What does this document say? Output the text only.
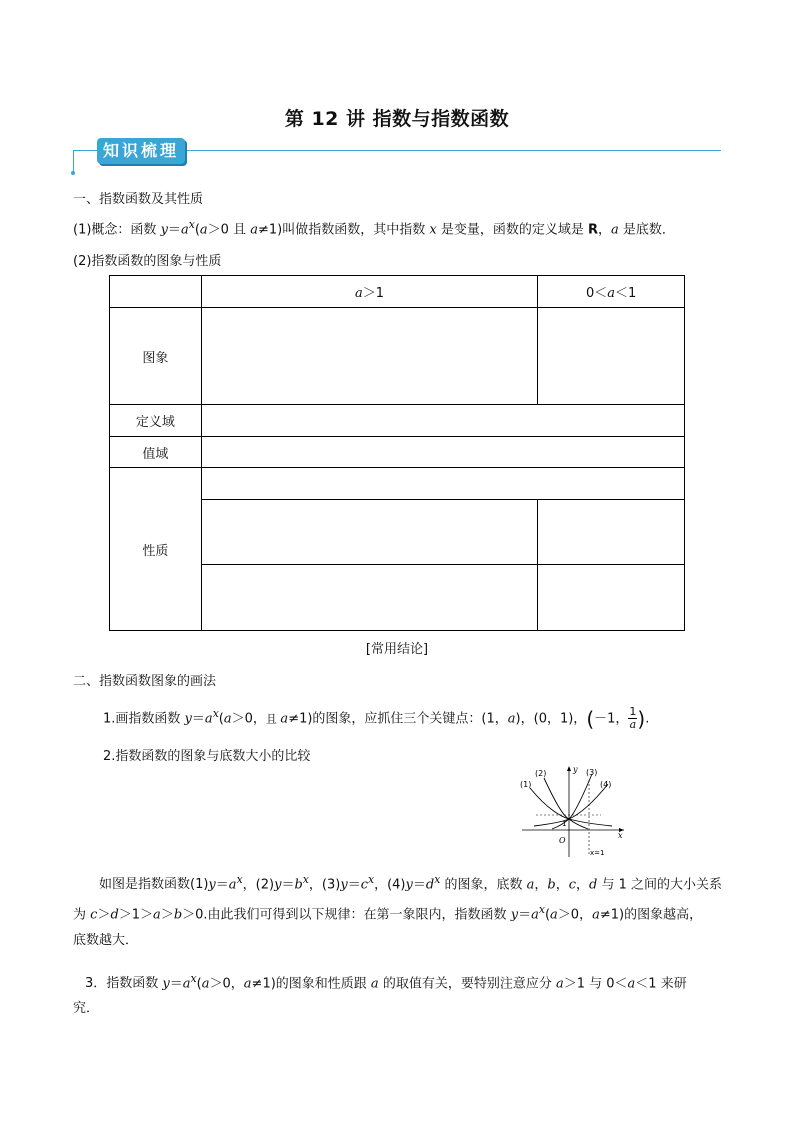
第 12 讲 指数与指数函数
知识梳理
一、指数函数及其性质
(1)概念：函数 $y=a^x(a>0$ 且 a≠1)叫做指数函数，其中指数 x 是变量，函数的定义域是 R，a 是底数．
(2)指数函数的图象与性质
	a＞1	0＜a＜1
图象		
定义域		
值域		
性质		

[常用结论]
二、指数函数图象的画法
1.画指数函数 $y=a^x(a>0$，且 a≠1)的图象，应抓住三个关键点：(1，a)，(0，1)，(－1， $\frac{1}{a}$ ).
2.指数函数的图象与底数大小的比较
y
x
O
1
x=1
(1)
(2)	(3)
(4)
如图是指数函数$(1)y=a^x$，$(2)y=b^x$，$(3)y=c^x$，$(4)y=d^x$ 的图象，底数 a，b，c，d 与 1 之间的大小关系
为 c＞d＞1＞a＞b＞0.由此我们可得到以下规律：在第一象限内，指数函数 $y=a^x(a>0$，a≠1)的图象越高，
底数越大．
3．指数函数 $y=a^x(a>0$，a≠1)的图象和性质跟 a 的取值有关，要特别注意应分 a＞1 与 0＜a＜1 来研
究．
